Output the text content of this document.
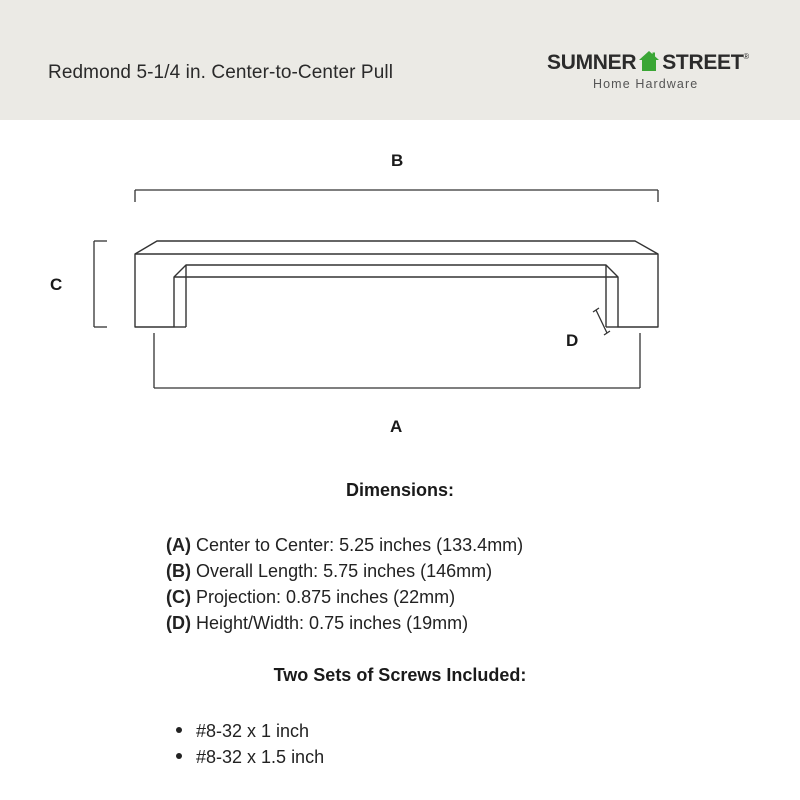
Redmond 5-1/4 in. Center-to-Center Pull	SUMNER STREET®
Home Hardware
B
C
D
A
Dimensions:
(A) Center to Center: 5.25 inches (133.4mm)
(B) Overall Length: 5.75 inches (146mm)
(C) Projection: 0.875 inches (22mm)
(D) Height/Width: 0.75 inches (19mm)
Two Sets of Screws Included:
#8-32 x 1 inch
#8-32 x 1.5 inch
